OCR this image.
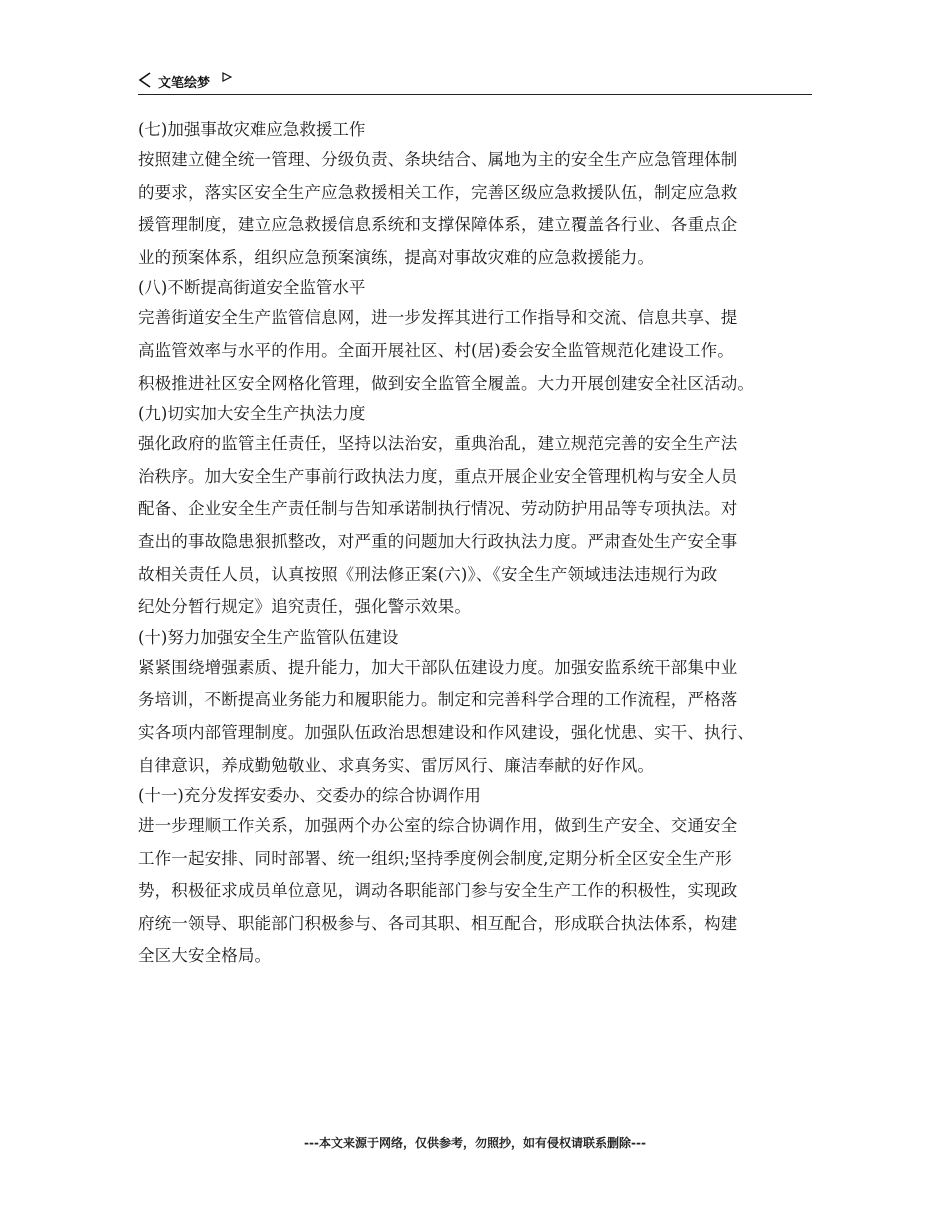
文笔绘梦
(七)加强事故灾难应急救援工作
按照建立健全统一管理、分级负责、条块结合、属地为主的安全生产应急管理体制
的要求，落实区安全生产应急救援相关工作，完善区级应急救援队伍，制定应急救
援管理制度，建立应急救援信息系统和支撑保障体系，建立覆盖各行业、各重点企
业的预案体系，组织应急预案演练，提高对事故灾难的应急救援能力。
(八)不断提高街道安全监管水平
完善街道安全生产监管信息网，进一步发挥其进行工作指导和交流、信息共享、提
高监管效率与水平的作用。全面开展社区、村(居)委会安全监管规范化建设工作。
积极推进社区安全网格化管理，做到安全监管全履盖。大力开展创建安全社区活动。
(九)切实加大安全生产执法力度
强化政府的监管主任责任，坚持以法治安，重典治乱，建立规范完善的安全生产法
治秩序。加大安全生产事前行政执法力度，重点开展企业安全管理机构与安全人员
配备、企业安全生产责任制与告知承诺制执行情况、劳动防护用品等专项执法。对
查出的事故隐患狠抓整改，对严重的问题加大行政执法力度。严肃查处生产安全事
故相关责任人员，认真按照《刑法修正案(六)》、《安全生产领域违法违规行为政
纪处分暂行规定》追究责任，强化警示效果。
(十)努力加强安全生产监管队伍建设
紧紧围绕增强素质、提升能力，加大干部队伍建设力度。加强安监系统干部集中业
务培训，不断提高业务能力和履职能力。制定和完善科学合理的工作流程，严格落
实各项内部管理制度。加强队伍政治思想建设和作风建设，强化忧患、实干、执行、
自律意识，养成勤勉敬业、求真务实、雷厉风行、廉洁奉献的好作风。
(十一)充分发挥安委办、交委办的综合协调作用
进一步理顺工作关系，加强两个办公室的综合协调作用，做到生产安全、交通安全
工作一起安排、同时部署、统一组织;坚持季度例会制度,定期分析全区安全生产形
势，积极征求成员单位意见，调动各职能部门参与安全生产工作的积极性，实现政
府统一领导、职能部门积极参与、各司其职、相互配合，形成联合执法体系，构建
全区大安全格局。
---本文来源于网络，仅供参考，勿照抄，如有侵权请联系删除---
